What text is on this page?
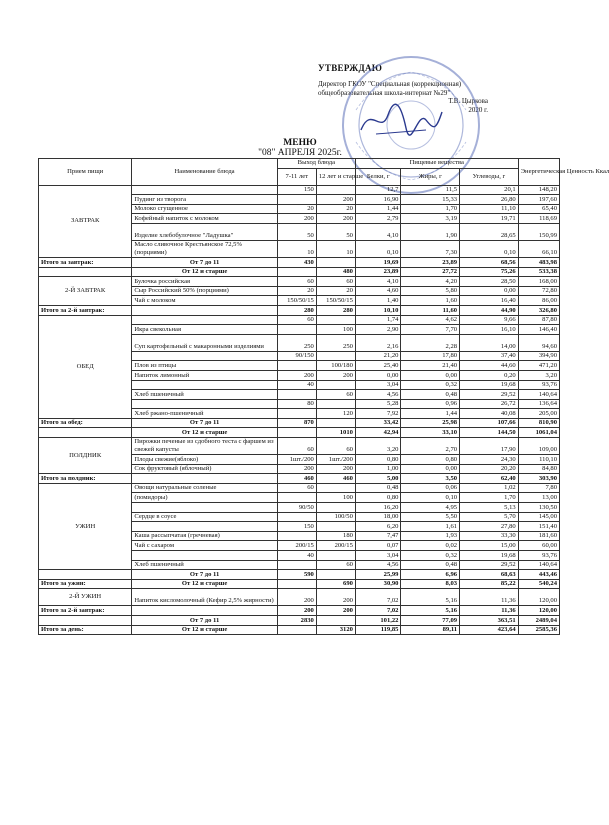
УТВЕРЖДАЮ
Директор ГКОУ "Специальная (коррекционная)
общеобразовательная школа-интернат №29"
Т.В. Цыркова
2020 г.
МЕНЮ
"08" АПРЕЛЯ 2025г.
Прием пищи	Наименование блюда	Выход блюда		Пищевые вещества			Энергетическая Ценность Ккал
		7-11 лет	12 лет и старше	Белки, г	Жиры, г	Углеводы, г	
ЗАВТРАК		150		12,7	11,5	20,1	148,20
	Пудинг из творога		200	16,90	15,33	26,80	197,60
	Молоко сгущенное	20	20	1,44	1,70	11,10	65,40
	Кофейный напиток с молоком	200	200	2,79	3,19	19,71	118,69
	Изделие хлебобулочное "Ладушка"	50	50	4,10	1,90	28,65	150,99
	Масло сливочное Крестьянское 72,5% (порциями)	10	10	0,10	7,30	0,10	66,10
Итого за завтрак:	От 7 до 11	430		19,69	23,89	68,56	483,98
	От 12 и старше		480	23,89	27,72	75,26	533,38
2-Й ЗАВТРАК	Булочка российская	60	60	4,10	4,20	28,50	168,00
	Сыр Российский 50% (порциями)	20	20	4,60	5,80	0,00	72,80
	Чай с молоком	150/50/15	150/50/15	1,40	1,60	16,40	86,00
Итого за 2-й завтрак:		280	280	10,10	11,60	44,90	326,80
ОБЕД		60		1,74	4,62	9,66	87,80
	Икра свекольная		100	2,90	7,70	16,10	146,40
	Суп картофельный с макаронными изделиями	250	250	2,16	2,28	14,00	94,60
		90/150		21,20	17,80	37,40	394,90
	Плов из птицы		100/180	25,40	21,40	44,60	471,20
	Напиток лимонный	200	200	0,00	0,00	0,20	3,20
		40		3,04	0,32	19,68	93,76
	Хлеб пшеничный		60	4,56	0,48	29,52	140,64
		80		5,28	0,96	26,72	136,64
	Хлеб ржано-пшеничный		120	7,92	1,44	40,08	205,00
Итого за обед:	От 7 до 11	870		33,42	25,98	107,66	810,90
	От 12 и старше		1010	42,94	33,10	144,50	1061,04
ПОЛДНИК	Пирожки печеные из сдобного теста с фаршем из свежей капусты	60	60	3,20	2,70	17,90	109,00
	Плоды свежие(яблоко)	1шт./200	1шт./200	0,80	0,80	24,30	110,10
	Сок фруктовый (яблочный)	200	200	1,00	0,00	20,20	84,80
Итого за полдник:		460	460	5,00	3,50	62,40	303,90
УЖИН	Овощи натуральные соленые	60		0,48	0,06	1,02	7,80
	(помидоры)		100	0,80	0,10	1,70	13,00
		90/50		16,20	4,95	5,13	130,50
	Сердце в соусе		100/50	18,00	5,50	5,70	145,00
		150		6,20	1,61	27,80	151,40
	Каша рассыпчатая (гречневая)		180	7,47	1,93	33,30	181,60
	Чай с сахаром	200/15	200/15	0,07	0,02	15,00	60,00
		40		3,04	0,32	19,68	93,76
	Хлеб пшеничный		60	4,56	0,48	29,52	140,64
	От 7 до 11	590		25,99	6,96	68,63	443,46
Итого за ужин:	От 12 и старше		690	30,90	8,03	85,22	540,24
2-Й УЖИН	Напиток кисломолочный (Кефир 2,5% жирности)	200	200	7,02	5,16	11,36	120,00
Итого за 2-й завтрак:		200	200	7,02	5,16	11,36	120,00
	От 7 до 11	2830		101,22	77,09	363,51	2489,04
Итого за день:	От 12 и старше		3120	119,85	89,11	423,64	2585,36
